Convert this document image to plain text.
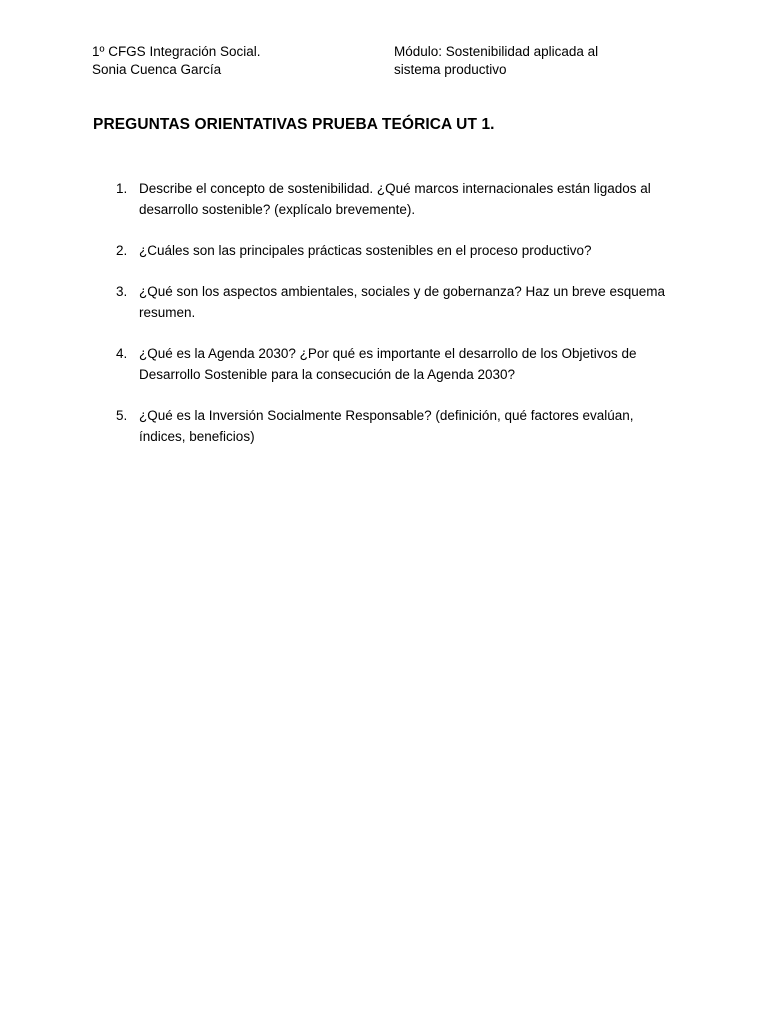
1º CFGS Integración Social.
Sonia Cuenca García
Módulo: Sostenibilidad aplicada al
sistema productivo
PREGUNTAS ORIENTATIVAS PRUEBA TEÓRICA UT 1.
1. Describe el concepto de sostenibilidad. ¿Qué marcos internacionales están ligados al desarrollo sostenible? (explícalo brevemente).
2. ¿Cuáles son las principales prácticas sostenibles en el proceso productivo?
3. ¿Qué son los aspectos ambientales, sociales y de gobernanza? Haz un breve esquema resumen.
4. ¿Qué es la Agenda 2030? ¿Por qué es importante el desarrollo de los Objetivos de Desarrollo Sostenible para la consecución de la Agenda 2030?
5. ¿Qué es la Inversión Socialmente Responsable? (definición, qué factores evalúan, índices, beneficios)
